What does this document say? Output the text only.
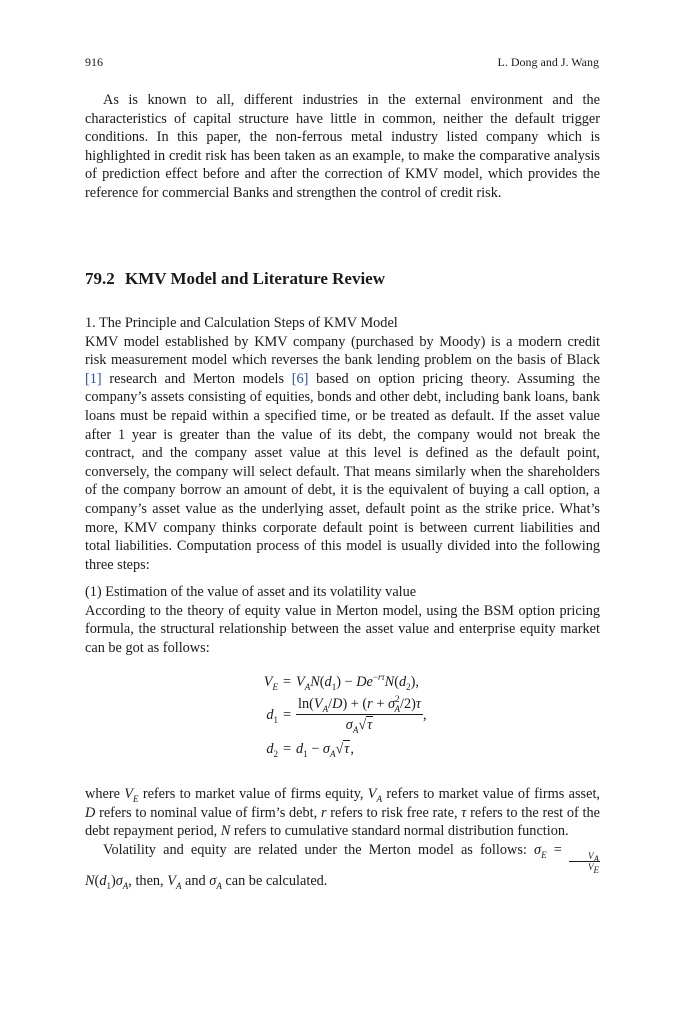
916	L. Dong and J. Wang
As is known to all, different industries in the external environment and the characteristics of capital structure have little in common, neither the default trigger conditions. In this paper, the non-ferrous metal industry listed company which is highlighted in credit risk has been taken as an example, to make the comparative analysis of prediction effect before and after the correction of KMV model, which provides the reference for commercial Banks and strengthen the control of credit risk.
79.2 KMV Model and Literature Review
1. The Principle and Calculation Steps of KMV Model
KMV model established by KMV company (purchased by Moody) is a modern credit risk measurement model which reverses the bank lending problem on the basis of Black [1] research and Merton models [6] based on option pricing theory. Assuming the company’s assets consisting of equities, bonds and other debt, including bank loans, bank loans must be repaid within a specified time, or be treated as default. If the asset value after 1 year is greater than the value of its debt, the company would not break the contract, and the company asset value at this level is defined as the default point, conversely, the company will select default. That means similarly when the shareholders of the company borrow an amount of debt, it is the equivalent of buying a call option, a company’s asset value as the underlying asset, default point as the strike price. What’s more, KMV company thinks corporate default point is between current liabilities and total liabilities. Computation process of this model is usually divided into the following three steps:
(1) Estimation of the value of asset and its volatility value
According to the theory of equity value in Merton model, using the BSM option pricing formula, the structural relationship between the asset value and enterprise equity market can be got as follows:
$V_E = V_AN(d_1) - De^{-r\tau}N(d_2)$,
$d_1 = \frac{\ln(V_A/D) + (r + \sigma^2_A/2)\tau}{\sigma_A√\tau}$ ,
$d_2 = d_1 - \sigma_A√\tau$,
where $V_E$ refers to market value of firms equity, $V_A$ refers to market value of firms asset, D refers to nominal value of firm’s debt, r refers to risk free rate, τ refers to the rest of the debt repayment period, N refers to cumulative standard normal distribution function.
Volatility and equity are related under the Merton model as follows: $\sigma_E$ =
$\frac{V_A}{V_E}$
$N(d_1)\sigma_A$, then, $V_A$ and $\sigma_A$ can be calculated.
